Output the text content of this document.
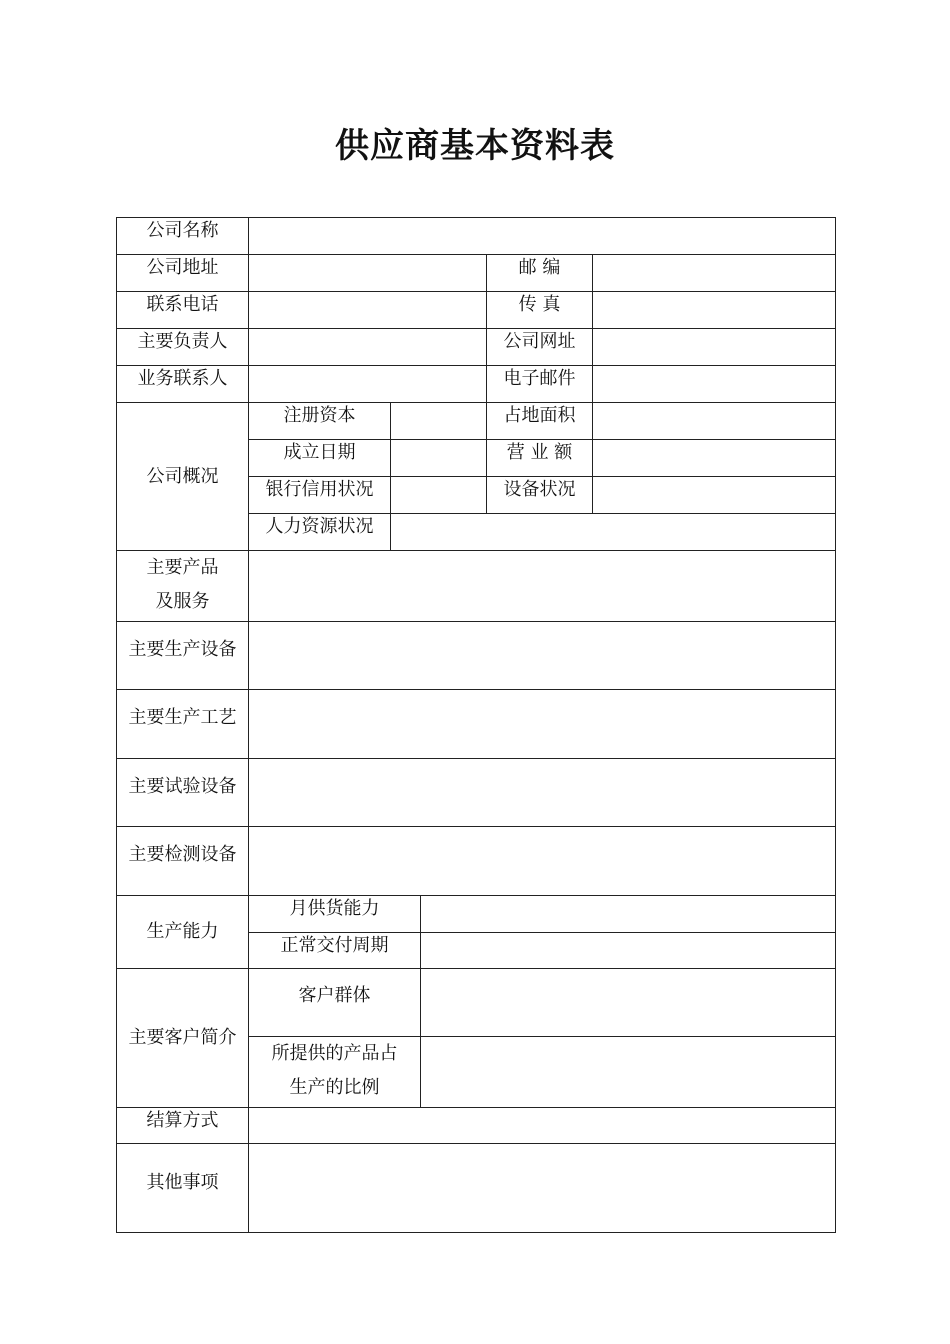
供应商基本资料表
公司名称					
公司地址				邮 编	
联系电话				传 真	
主要负责人				公司网址	
业务联系人				电子邮件	
公司概况	注册资本			占地面积	
	成立日期			营 业 额	
	银行信用状况			设备状况	
	人力资源状况				
主要产品
及服务					
主要生产设备					
主要生产工艺					
主要试验设备					
主要检测设备					
生产能力	月供货能力				
	正常交付周期				
主要客户简介	客户群体				
	所提供的产品占
生产的比例				
结算方式					
其他事项					
